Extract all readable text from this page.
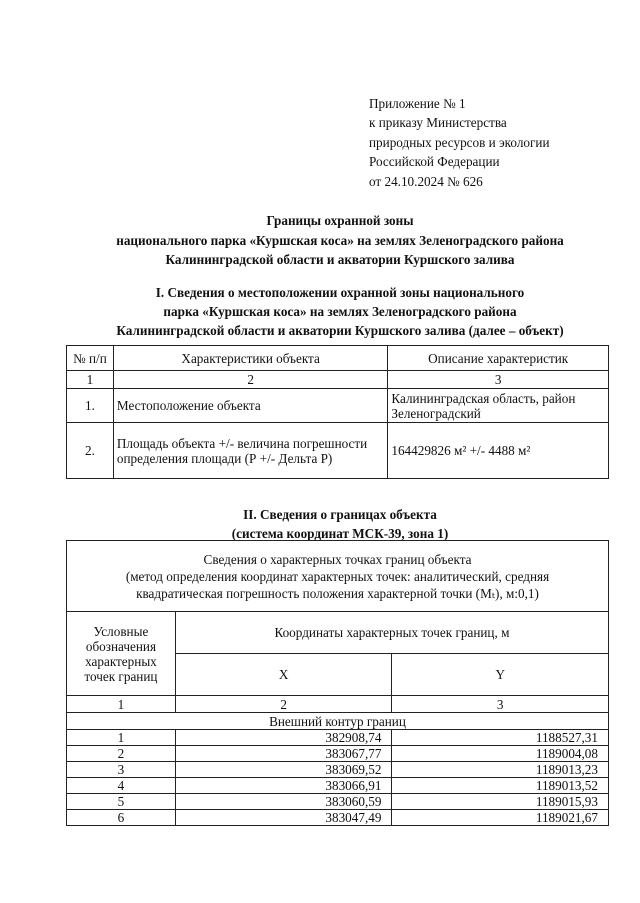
Приложение № 1
к приказу Министерства
природных ресурсов и экологии
Российской Федерации
от 24.10.2024 № 626
Границы охранной зоны
национального парка «Куршская коса» на землях Зеленоградского района
Калининградской области и акватории Куршского залива
I. Сведения о местоположении охранной зоны национального
парка «Куршская коса» на землях Зеленоградского района
Калининградской области и акватории Куршского залива (далее – объект)
№ п/п	Характеристики объекта	Описание характеристик
1	2	3
1.	Местоположение объекта	Калининградская область, район Зеленоградский
2.	Площадь объекта +/- величина погрешности определения площади (Р +/- Дельта Р)	164429826 м² +/- 4488 м²
II. Сведения о границах объекта
(система координат МСК-39, зона 1)
Сведения о характерных точках границ объекта
(метод определения координат характерных точек: аналитический, средняя
квадратическая погрешность положения характерной точки (Mₜ), м:0,1)		

Условные обозначения характерных точек границ	Координаты характерных точек границ, м	
	X	Y
1	2	3
Внешний контур границ		
1	382908,74	1188527,31
2	383067,77	1189004,08
3	383069,52	1189013,23
4	383066,91	1189013,52
5	383060,59	1189015,93
6	383047,49	1189021,67
